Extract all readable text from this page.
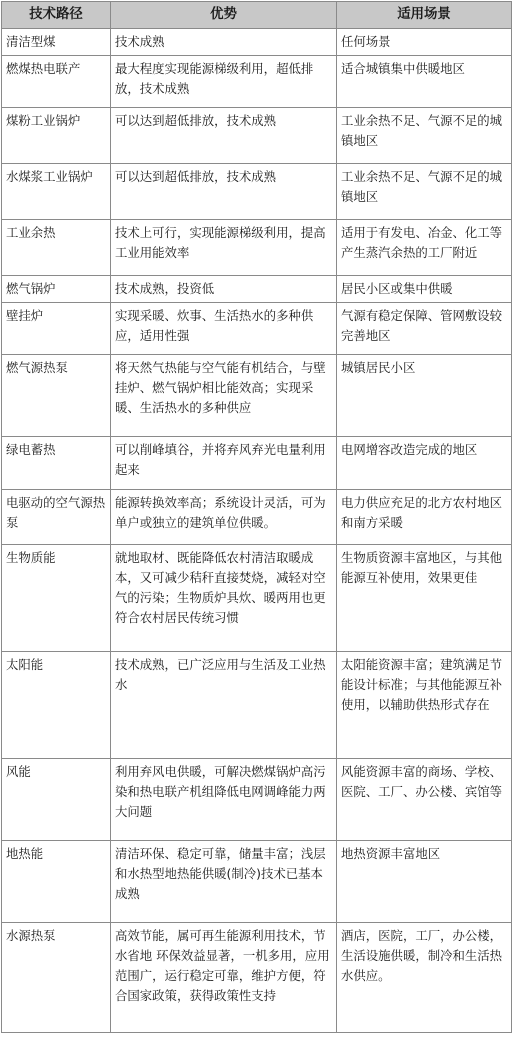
技术路径	优势	适用场景
清洁型煤	技术成熟	任何场景
燃煤热电联产	最大程度实现能源梯级利用，超低排放，技术成熟	适合城镇集中供暖地区
煤粉工业锅炉	可以达到超低排放，技术成熟	工业余热不足、气源不足的城镇地区
水煤浆工业锅炉	可以达到超低排放，技术成熟	工业余热不足、气源不足的城镇地区
工业余热	技术上可行，实现能源梯级利用，提高工业用能效率	适用于有发电、冶金、化工等产生蒸汽余热的工厂附近
燃气锅炉	技术成熟，投资低	居民小区或集中供暖
壁挂炉	实现采暖、炊事、生活热水的多种供应，适用性强	气源有稳定保障、管网敷设较完善地区
燃气源热泵	将天然气热能与空气能有机结合，与壁挂炉、燃气锅炉相比能效高；实现采暖、生活热水的多种供应	城镇居民小区
绿电蓄热	可以削峰填谷，并将弃风弃光电量利用起来	电网增容改造完成的地区
电驱动的空气源热泵	能源转换效率高；系统设计灵活，可为单户或独立的建筑单位供暖。	电力供应充足的北方农村地区和南方采暖
生物质能	就地取材、既能降低农村清洁取暖成本，又可减少秸秆直接焚烧，减轻对空气的污染；生物质炉具炊、暖两用也更符合农村居民传统习惯	生物质资源丰富地区，与其他能源互补使用，效果更佳
太阳能	技术成熟，已广泛应用与生活及工业热水	太阳能资源丰富；建筑满足节能设计标准；与其他能源互补使用，以辅助供热形式存在
风能	利用弃风电供暖，可解决燃煤锅炉高污染和热电联产机组降低电网调峰能力两大问题	风能资源丰富的商场、学校、医院、工厂、办公楼、宾馆等
地热能	清洁环保、稳定可靠，储量丰富；浅层和水热型地热能供暖(制冷)技术已基本成熟	地热资源丰富地区
水源热泵	高效节能，属可再生能源利用技术，节水省地 环保效益显著，一机多用，应用范围广，运行稳定可靠，维护方便，符合国家政策，获得政策性支持	酒店，医院，工厂，办公楼，生活设施供暖，制冷和生活热水供应。
